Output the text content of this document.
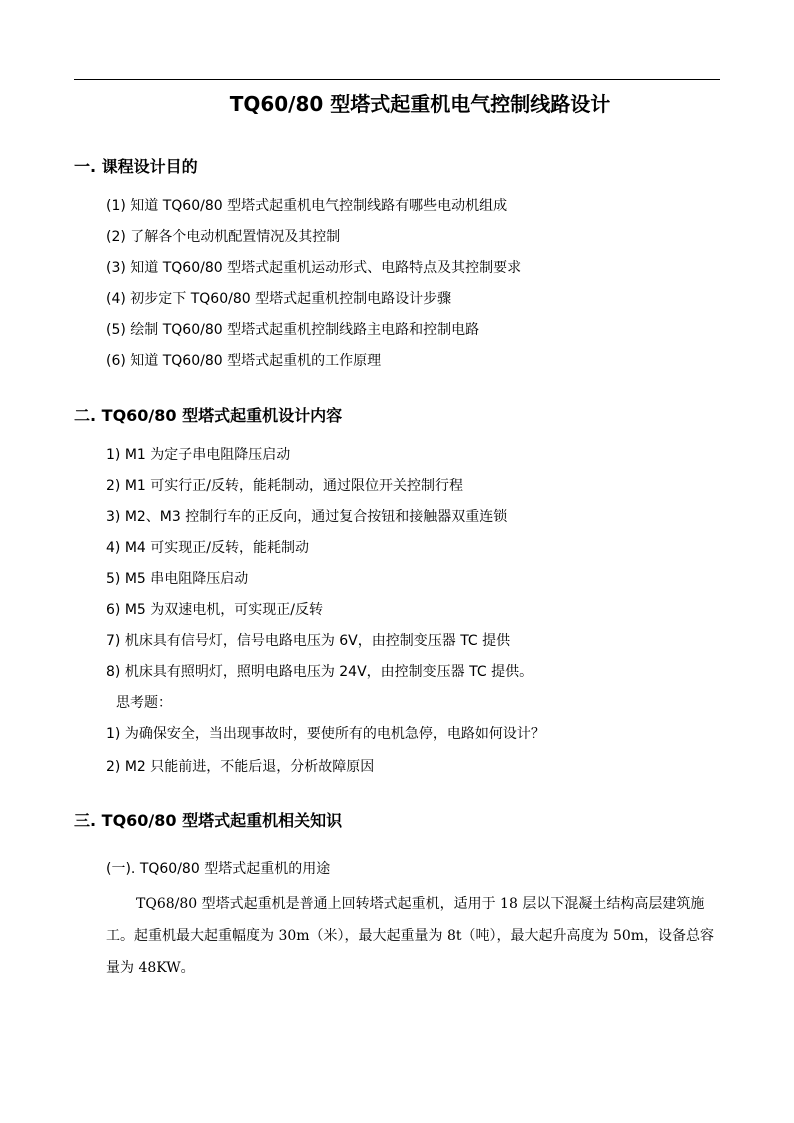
TQ60/80 型塔式起重机电气控制线路设计
一. 课程设计目的
(1) 知道 TQ60/80 型塔式起重机电气控制线路有哪些电动机组成
(2) 了解各个电动机配置情况及其控制
(3) 知道 TQ60/80 型塔式起重机运动形式、电路特点及其控制要求
(4) 初步定下 TQ60/80 型塔式起重机控制电路设计步骤
(5) 绘制 TQ60/80 型塔式起重机控制线路主电路和控制电路
(6) 知道 TQ60/80 型塔式起重机的工作原理
二. TQ60/80 型塔式起重机设计内容
1) M1 为定子串电阻降压启动
2) M1 可实行正/反转，能耗制动，通过限位开关控制行程
3) M2、M3 控制行车的正反向，通过复合按钮和接触器双重连锁
4) M4 可实现正/反转，能耗制动
5) M5 串电阻降压启动
6) M5 为双速电机，可实现正/反转
7) 机床具有信号灯，信号电路电压为 6V，由控制变压器 TC 提供
8) 机床具有照明灯，照明电路电压为 24V，由控制变压器 TC 提供。
思考题：
1) 为确保安全，当出现事故时，要使所有的电机急停，电路如何设计？
2) M2 只能前进，不能后退，分析故障原因
三. TQ60/80 型塔式起重机相关知识
(一). TQ60/80 型塔式起重机的用途
TQ68/80 型塔式起重机是普通上回转塔式起重机，适用于 18 层以下混凝土结构高层建筑施工。起重机最大起重幅度为 30m（米），最大起重量为 8t（吨），最大起升高度为 50m，设备总容量为 48KW。
